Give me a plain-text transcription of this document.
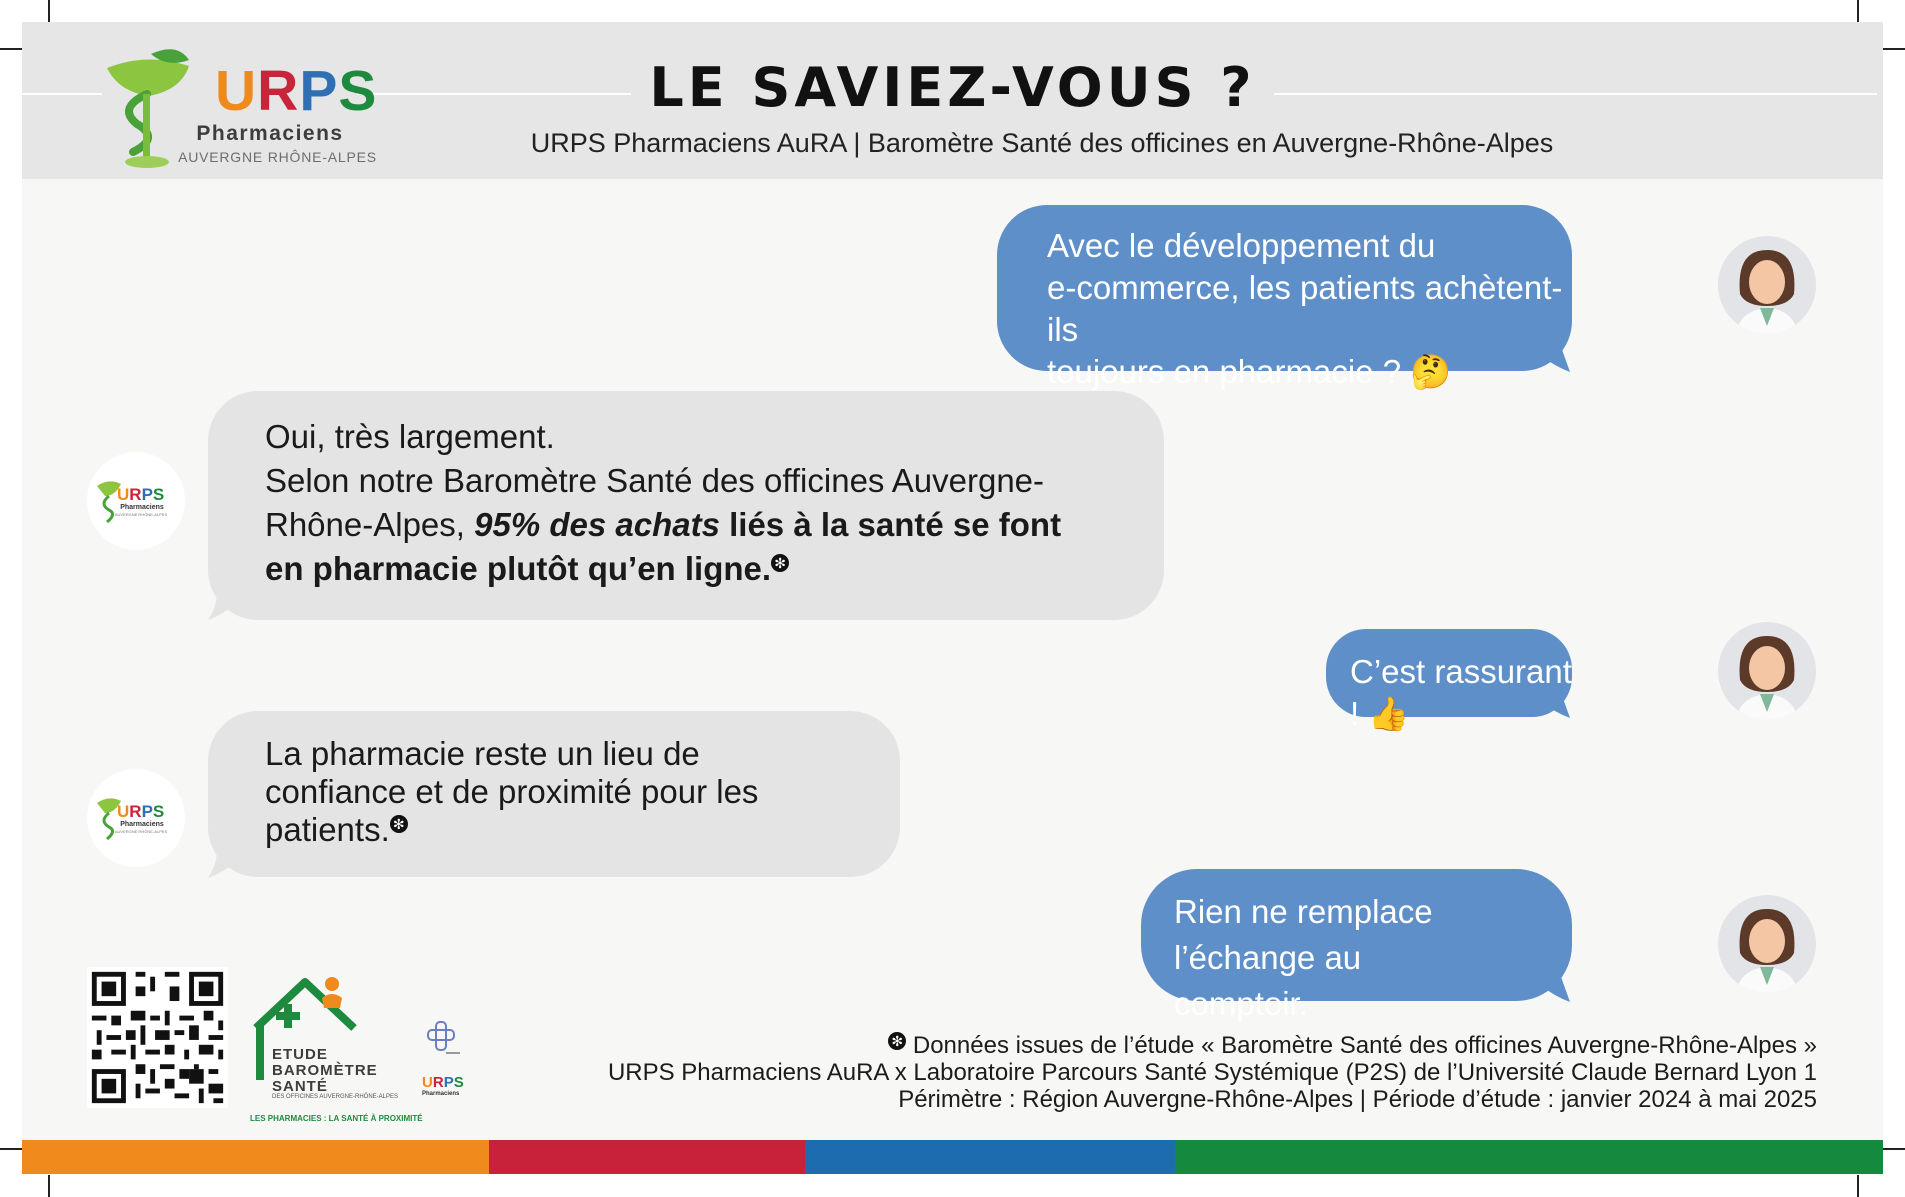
URPS
Pharmaciens
AUVERGNE RHÔNE-ALPES
LE SAVIEZ-VOUS ?
URPS Pharmaciens AuRA | Baromètre Santé des officines en Auvergne-Rhône-Alpes
Avec le développement du
e-commerce, les patients achètent-ils
toujours en pharmacie ? 🤔
URPS
Pharmaciens
AUVERGNE RHÔNE-ALPES
Oui, très largement.
Selon notre Baromètre Santé des officines Auvergne-
Rhône-Alpes, 95% des achats liés à la santé se font
en pharmacie plutôt qu’en ligne. ✻
C’est rassurant ! 👍
URPS
Pharmaciens
AUVERGNE RHÔNE-ALPES
La pharmacie reste un lieu de
confiance et de proximité pour les
patients. ✻
Rien ne remplace l’échange au
comptoir.
ETUDE
BAROMÈTRE
SANTÉ
DES OFFICINES AUVERGNE-RHÔNE-ALPES
LES PHARMACIES : LA SANTÉ À PROXIMITÉ
URPS
Pharmaciens
✻ Données issues de l’étude « Baromètre Santé des officines Auvergne-Rhône-Alpes »
URPS Pharmaciens AuRA x Laboratoire Parcours Santé Systémique (P2S) de l’Université Claude Bernard Lyon 1
Périmètre : Région Auvergne-Rhône-Alpes | Période d’étude : janvier 2024 à mai 2025
